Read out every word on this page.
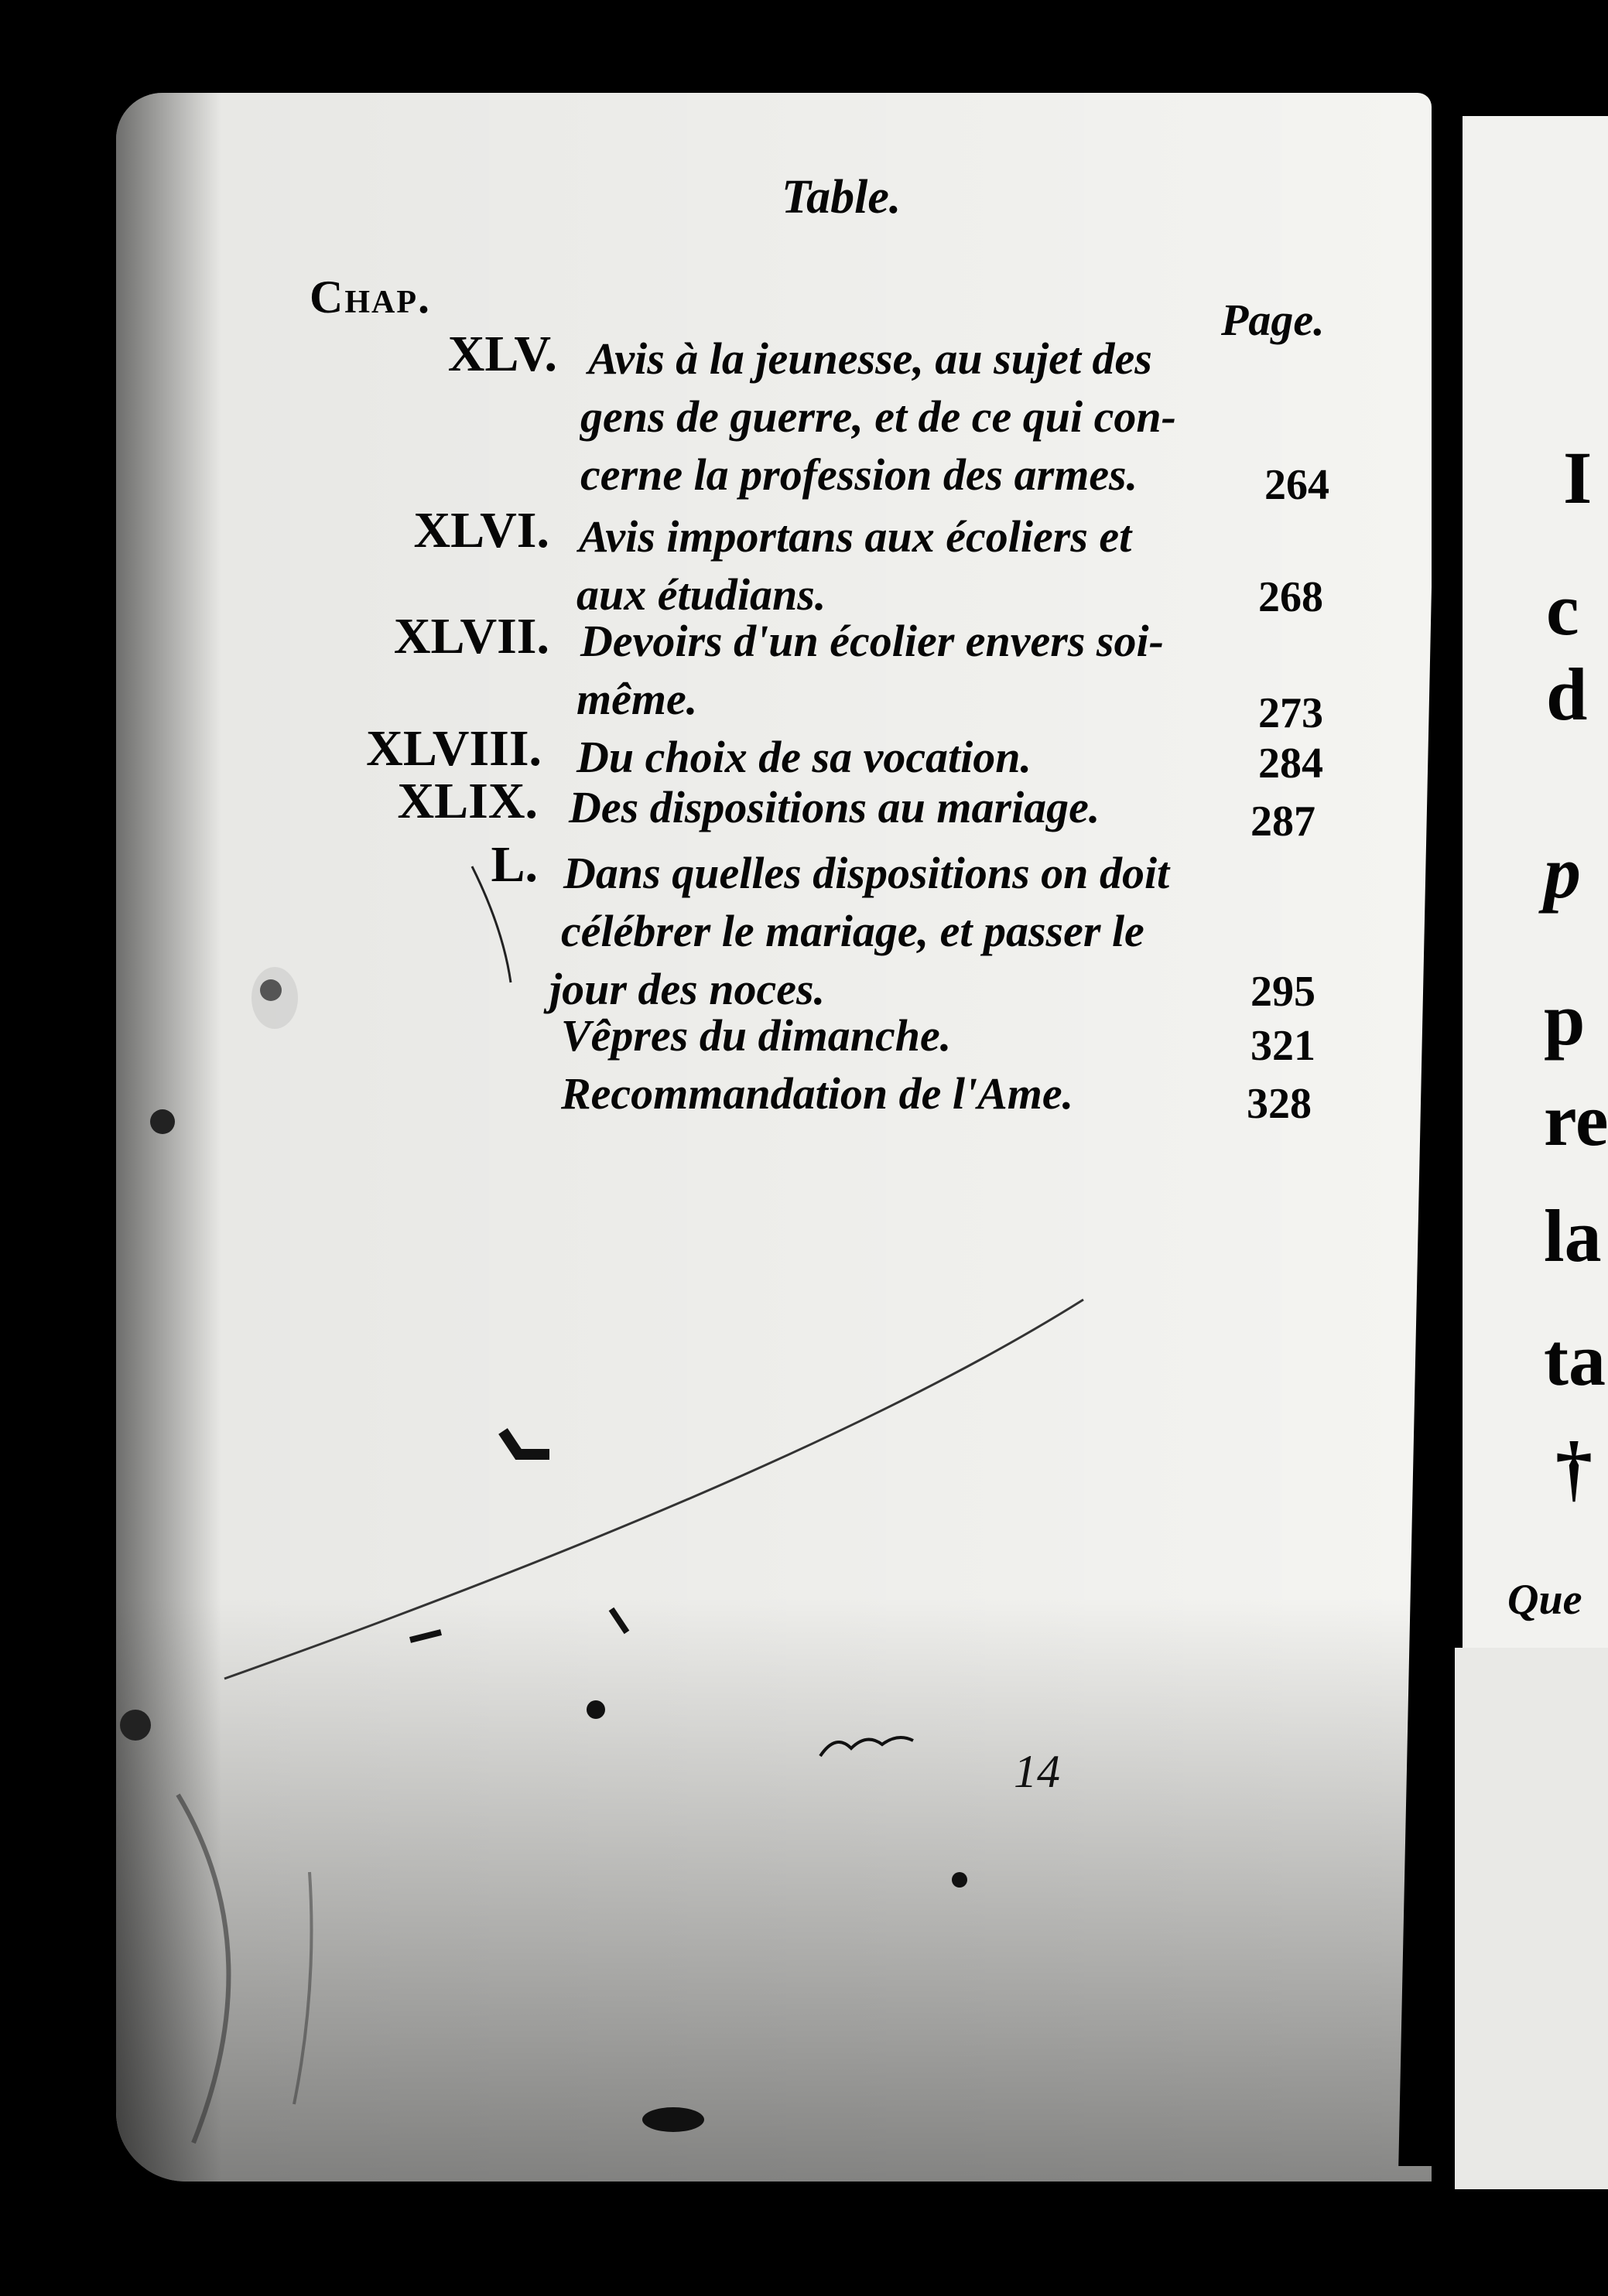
14
I
c
d
p
p
re
la
ta
†
Que
Table.
Chap.	Page.
XLV. Avis à la jeunesse, au sujet des
gens de guerre, et de ce qui con-
cerne la profession des armes.	264
XLVI. Avis importans aux écoliers et
aux étudians.	268
XLVII. Devoirs d'un écolier envers soi-
même.	273
XLVIII. Du choix de sa vocation.	284
XLIX. Des dispositions au mariage.	287
L. Dans quelles dispositions on doit
célébrer le mariage, et passer le
jour des noces.	295
Vêpres du dimanche.	321
Recommandation de l'Ame.	328
